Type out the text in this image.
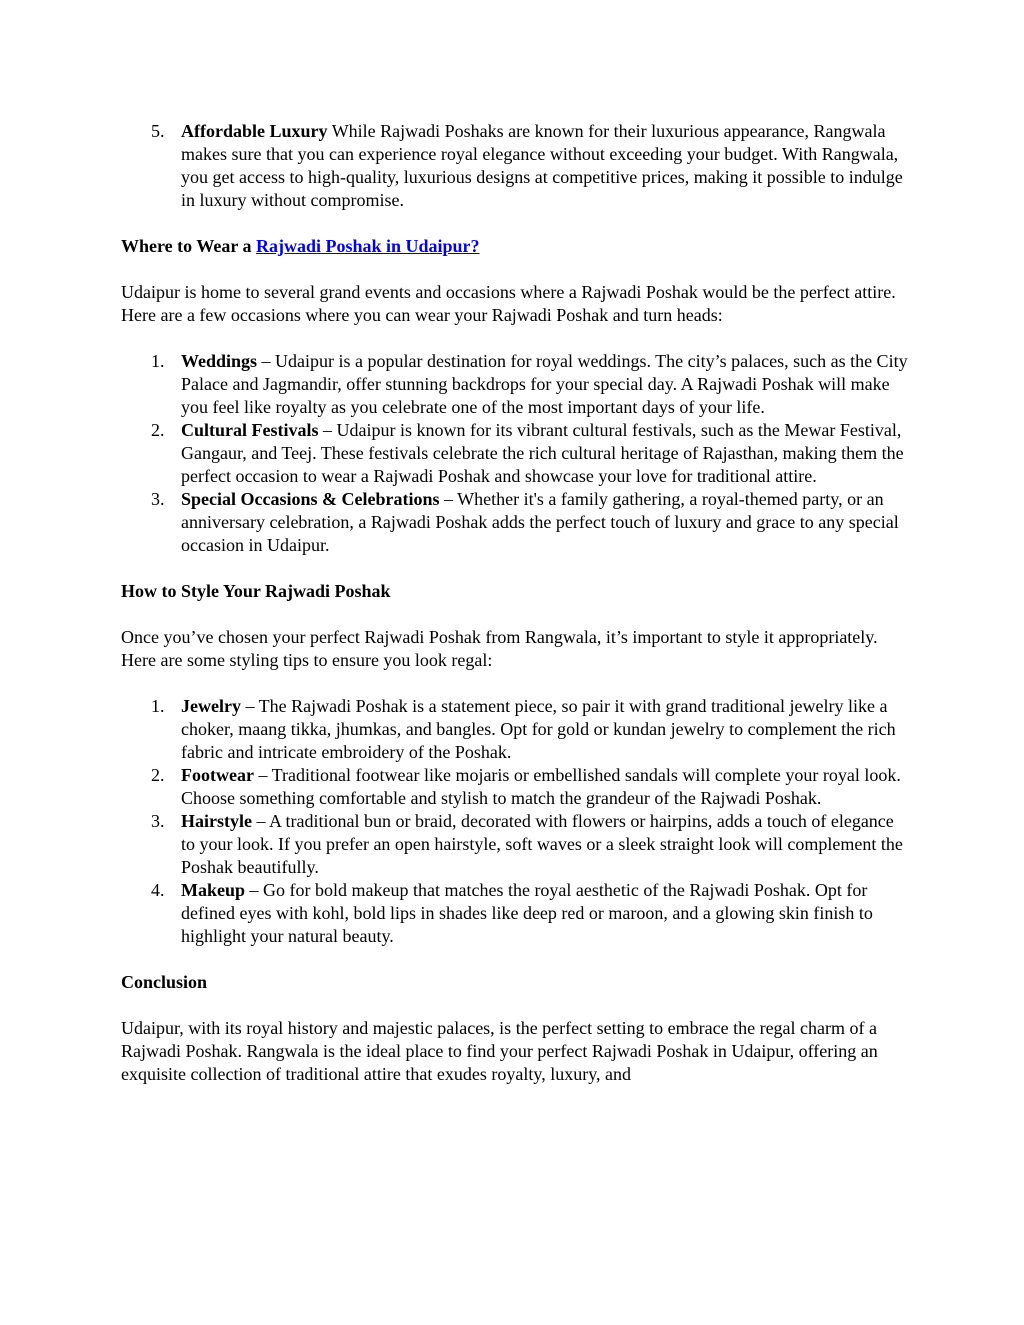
5. Affordable Luxury While Rajwadi Poshaks are known for their luxurious appearance, Rangwala makes sure that you can experience royal elegance without exceeding your budget. With Rangwala, you get access to high-quality, luxurious designs at competitive prices, making it possible to indulge in luxury without compromise.

Where to Wear a Rajwadi Poshak in Udaipur?

Udaipur is home to several grand events and occasions where a Rajwadi Poshak would be the perfect attire. Here are a few occasions where you can wear your Rajwadi Poshak and turn heads:

1. Weddings – Udaipur is a popular destination for royal weddings. The city’s palaces, such as the City Palace and Jagmandir, offer stunning backdrops for your special day. A Rajwadi Poshak will make you feel like royalty as you celebrate one of the most important days of your life.
2. Cultural Festivals – Udaipur is known for its vibrant cultural festivals, such as the Mewar Festival, Gangaur, and Teej. These festivals celebrate the rich cultural heritage of Rajasthan, making them the perfect occasion to wear a Rajwadi Poshak and showcase your love for traditional attire.
3. Special Occasions & Celebrations – Whether it's a family gathering, a royal-themed party, or an anniversary celebration, a Rajwadi Poshak adds the perfect touch of luxury and grace to any special occasion in Udaipur.

How to Style Your Rajwadi Poshak

Once you’ve chosen your perfect Rajwadi Poshak from Rangwala, it’s important to style it appropriately. Here are some styling tips to ensure you look regal:

1. Jewelry – The Rajwadi Poshak is a statement piece, so pair it with grand traditional jewelry like a choker, maang tikka, jhumkas, and bangles. Opt for gold or kundan jewelry to complement the rich fabric and intricate embroidery of the Poshak.
2. Footwear – Traditional footwear like mojaris or embellished sandals will complete your royal look. Choose something comfortable and stylish to match the grandeur of the Rajwadi Poshak.
3. Hairstyle – A traditional bun or braid, decorated with flowers or hairpins, adds a touch of elegance to your look. If you prefer an open hairstyle, soft waves or a sleek straight look will complement the Poshak beautifully.
4. Makeup – Go for bold makeup that matches the royal aesthetic of the Rajwadi Poshak. Opt for defined eyes with kohl, bold lips in shades like deep red or maroon, and a glowing skin finish to highlight your natural beauty.

Conclusion

Udaipur, with its royal history and majestic palaces, is the perfect setting to embrace the regal charm of a Rajwadi Poshak. Rangwala is the ideal place to find your perfect Rajwadi Poshak in Udaipur, offering an exquisite collection of traditional attire that exudes royalty, luxury, and
